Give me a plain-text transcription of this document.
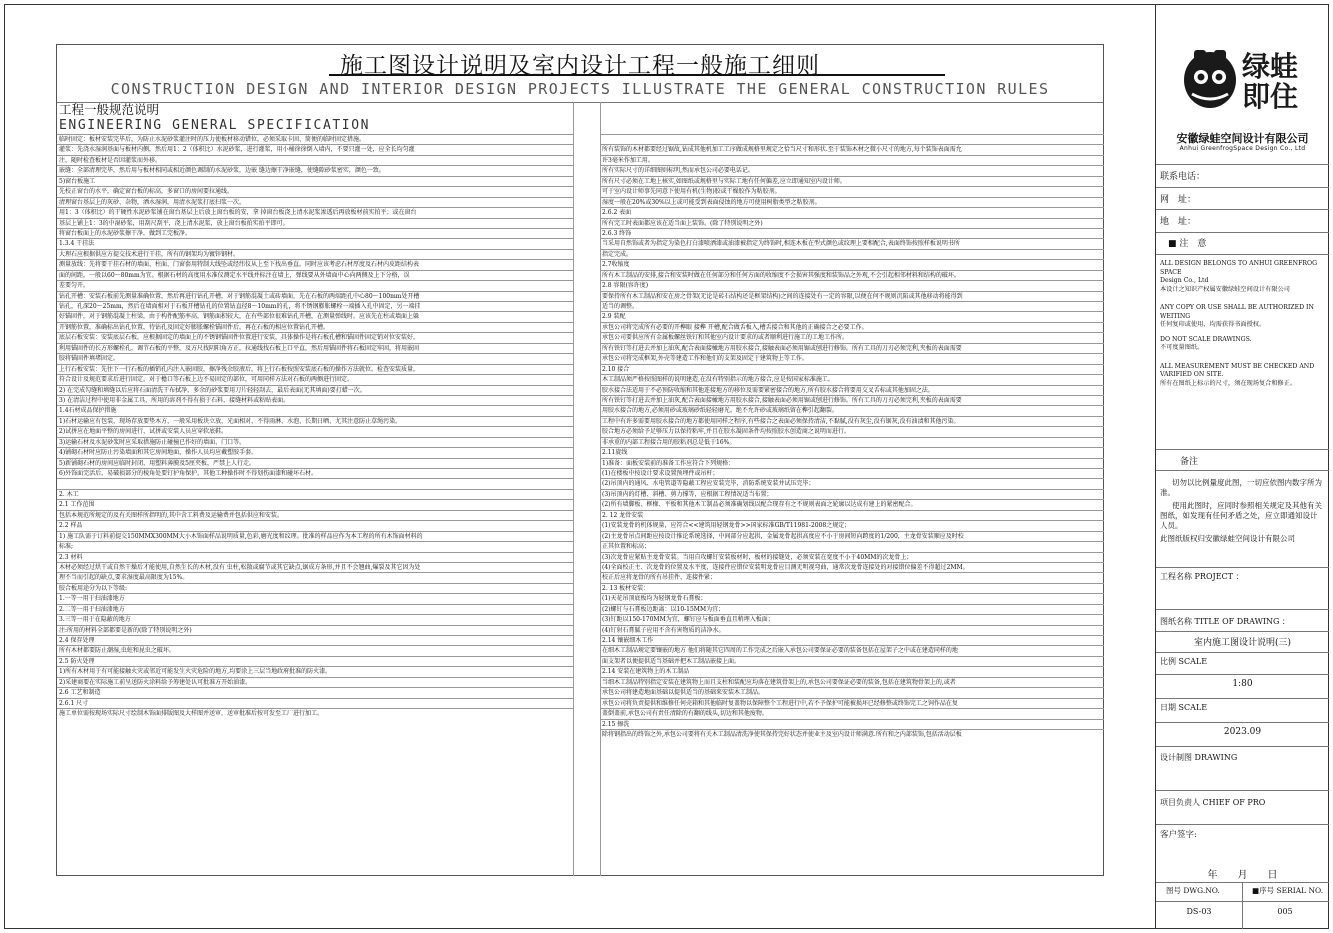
施工图设计说明及室内设计工程一般施工细则
CONSTRUCTION DESIGN AND INTERIOR DESIGN PROJECTS ILLUSTRATE THE GENERAL CONSTRUCTION RULES
工程一般规范说明
ENGINEERING GENERAL SPECIFICATION
临时固定：板材安装完毕后，为防止水泥砂浆灌注时的压力使板材移动错位，必须采取卡固、简便的临时固定措施。
灌浆：先浇水湿润基面与板材内侧，然后用1：2（体积比）水泥砂浆，进行灌浆，用小桶徐徐倒入墙内，不要只灌一处，应全长均匀灌
注，随时检查板材是否因灌浆而外移。
嵌缝：全部清理完毕，然后用与板材相同或相近颜色调制的水泥砂浆，边嵌 缝边擦干净嵌缝，使缝隙砂浆密实，颜色一致。
5)窗台板施工
先校正窗台的水平，确定窗台板的标高，多窗口的房间要拉通线。
清理窗台基层上的灰砂、杂物，洒水湿润，用清水泥浆打底扫浆一次。
用1：3（体积比）的干硬性水泥砂浆铺在窗台基层上后放上窗台板的安，拿 掉窗台板浇上清水泥浆渗透后再放板材前实拍平；或在窗台
基层上铺上1：3的中湿砂浆，用刮尺刮平，浇上清水泥浆，放上窗台板拍实拍平即可。
将窗台板面上的水泥砂浆擦干净，做到工完板净。
1.3.4 干挂法
大理石应根据供应方提交技术进行干挂，所有的钢架均为镀锌钢材。
测量放线：先将要干挂石材的墙面、柱面、门窗套用特制大线坠或经纬仪从上至下找出垂直。同时应该考虑石材厚度及石材内皮距结构表
面的间距，一般以60～80mm为宜。根据石材的高度用水准仪测定水平线并标注在墙上，弹线要从外墙面中心向两侧及上下分格，误
差要匀开。
钻孔开槽：安装石板前先测量准确位置，然后再进行钻孔开槽，对于钢筋混凝土或砖墙面，先在石板的两端距孔中心80～100mm处开槽
钻孔，孔深20～25mm，然后在墙面相对于石板开槽钻孔的位置钻直径8～10mm的孔，将不锈钢膨胀螺栓一端插入孔中固定，另一端挂
好锚固件，对于钢筋混凝土柱梁，由于构件配筋率高，钢筋面积较大，在有些部位很难钻孔开槽，在测量弹线时，应该先在柱或墙面上躲
开钢筋位置，准确标出钻孔位置，待钻孔及固定好膨胀螺栓锚固件后，再在石板的相应位置钻孔开槽。
底层石板安装：安装底层石板，应根据固定的墙面上的不锈钢锚固件位置进行安装，具体操作是将石板孔槽和锚固件固定销对位安装好，
利用锚固件的长方形螺栓孔，调节石板的平整，及方尺找阴阳角方正，拉通线找石板上口平直，然后用锚固件将石板固定牢固，将用嵌固
胶将锚固件填堵固定。
上行石板安装：先往下一行石板的插销孔内注入嵌固胶，擦净残余胶液后，将上行石板按照安装底石板的操作方法就位。检查安装质量，
符合设计及规范要求后进行固定。对于檐口等石板上边不易固定的部位，可用同样方法对石板的两侧进行固定。
2) 在完成勾缝和填缝以后应将石面清洗干布拭净，多余的砂浆要用刀片轻轻刮去，最后表面(无其填面)要打蜡一次。
3) 在清洁过程中使用非金属工具，所用的溶剂不得有损于石料，接缝材料或粘贴表面。
1.4石材成品保护措施
1)石材运输应有包装，现场存放要垫木方，一般采用板块立放，光面相对，不得雨淋、水泡、长期日晒、尤其注意防止草绳污染。
2)试拼应在地面平整的房间进行，试拼或安装人员应穿软底鞋。
3)运输石材及水泥砂浆时应采取措施防止碰撞已作好的墙面、门口等。
4)铺砌石材时应防止污染墙面和其它房间地面，操作人员均应戴塑胶手套。
5)新铺砌石材的房间应临时封闭，用塑料薄膜及5厘夹板，严禁上人行走。
6)外饰面完活后，易破损部分的棱角处要钉护角保护，其他工种操作时不得划伤面漆和碰坏石材。
2. 木工
2.1 工作范围
包括本规范所规定的及有关图样所指明的,其中含工料费及运输费并包括供应和安装。
2.2 样品
1) 施工队需于订料前提交150MMX300MM大小木饰面样品说明质量,色彩,磨光度和纹理。批准的样品应作为本工程的所有木饰面材料的
标准;
2.3 材料
木材必须经过烘干或自然干燥后才能使用,自然生长的木材,没有 虫柱,松散或腐节或其它缺点,锯成方条形,并且不会翘曲,爆裂及其它因为处
理不当而引起的缺点,要求湿度最高限度为15%。
胶合板用途分为以下等级:
1.一等一用于扫油漆地方
2.二等一用于扫油漆地方
3.三等一用于在隐蔽的地方
注:所用的材料全部都要是新的(除了特别说明之外)
2.4 保存处理
所有木材都要防止潮湿,虫蛀和昆虫之破坏。
2.5 防火处理
1)所有木材用于有可能接触火灾或邻近可能发生火灾危险的地方,均要涂上三层当地政府批准的防火漆。
2)采建商要在实际施工前呈送防火涂料给予筹建处认可批准方开始油漆。
2.6 工艺和制造
2.6.1 尺寸
施工单位需按现场实际尺寸绘制木饰面排版图及大样图并送审，送审批准后按可发至工厂进行加工。
所有装饰的木材都要经过锯故,钻成其他机加工工序做成规格里规定之恰当尺寸和形状.至于装饰木材之微小尺寸的地方,每个装饰表面需允
许3毫米作加工用。
所有实际尺寸的详细图则标明,然而承包公司必要电话记。
所有尺寸必须在工地上核实,如图纸或规格里与实际工地有任何偏差,应立即通知室内设计师。
可于室内设计师事先同意下使用有机(生物)胶或干燥胶作为粘胶剂。
湿度一般在20%或30%以上或可能受到表面侵蚀的地方可使用树脂类型之粘胶剂。
2.6.2 表面
所有完工时表面都应该在适当面上装饰。(除了特别说明之外)
2.6.3 终饰
当采用自然饰或者为指定为染色打白漆喷洒漆或油漆被指定为终饰时,相连木板在型式颜色或纹理上要相配合,表面终饰按照样板说明书所
指定完成。
2.7收缩度
所有木工制品的安排,接合和安装时做在任何部分和任何方面的收缩度不会损害其强度和装饰品之外观,不会引起相邻材料和结构的破坏。
2.8 容限(容许度)
要保持所有木工制品和安在房之骨架(无论是砖石结构还是框架结构)之间的连接处有一定的容限,以便在何不规则沉陷或其他移动将能得到
适当的调整。
2.9 装配
承包公司将完成所有必要的开榫眼 接榫 开槽,配合做舌板入,槽舌接合和其他的正确接合之必要工作。
承包公司要供应所有金属板螺丝铁钉和其他室内设计要求的或者顺利进行施工的工地工作所。
所有铁钉等打进去并加上油灰,配合表面接橄地方用胶水接合,接触表面必须用锯或刨进行修饰。所有工具的刀刃必须完利,夹板的表面需要
承包公司将完成框架,外壳等建造工作和他们的支架及固定于建筑物上等工作。
2.10 接合
木工制品须严格按照图样的说明建造,在没有特别指示的地方接合,应是按国家标准施工。
胶水接合法适用于不必预防收缩和其他连接地方的移位及需要紧密接合的地方,所有胶水接合将要用交叉舌标或其他加固之法。
所有铁钉等打进去并加上油灰,配合表面接橄地方用胶水接合,接触表面必须用锯或刨进行修饰。所有工具的刀刃必须完利,夹板的表面需要
用胶水接合的地方,必须用砂或玻璃砂纸轻轻磨光。绝不允许砂或玻璃纸留在榫引起翻裂。
工程中有许多需要用胶水接合的地方都使用同样之程序,有些接合之表面必须保持清洁,不黏腻,没有灰尘,没有锯灰,没有油渍和其他污染。
胶合地方必须给予足够压力以保持粘牢,并且在胶水凝固条件均按照胶水创造商之说明而进行。
非承重的内部工程接合用的胶粘剂总是低于16%。
2.11旋线
1)准备：面板安装前的准备工作应符合下列规格：
(1)在楼板中按设计要求设置预埋件或吊杆；
(2)吊顶内的通风、水电管道等隐蔽工程应安装完毕，消防系统安装并试压完毕；
(3)吊顶内的灯槽、斜槽、剪力撑等，应根据工程情况适当布置；
(2)所有墙脚板、框椽、平板和其他木工制品必须准确划线以配合现存有之不规则表面之轮廓以达成有建上的紧密配合。
2. 12 龙骨安装
(1)安装龙骨的机体规量，应符合<<建筑用轻钢龙骨>>国家标准GB/T11981-2008之规定；
(2)主龙骨吊点间距应按设计推论系统选择，中间部分应起拱，金属龙骨起拱高度应不小于房间短向跨度的1/200，主龙骨安装顺应及时校
正其位置和标高；
(3)次龙骨应紧贴主龙骨安装。当用自攻螺钉安装板材时，板材的接缝处，必须安装在宽度不小于40MM的次龙骨上；
(4)全面校正主、次龙骨的位置及水平度，连接件应错位安装明龙骨应目测无明视弯曲，通常次龙骨连接处的对接错位偏差不得超过2MM。
校正后应将龙骨的所有吊挂件、连接件紧；
2. 13 板材安装：
(1)天花吊顶底板均为轻钢龙骨石膏板；
(2)螺钉与石膏板边距离：以10-15MM为宜；
(3)钉距以150-170MM为宜，螺钉应与板面垂直且稍埋入板面；
(4)钉射石膏腻子应用不含有害物质的洁净水。
2.14 镶嵌细木工作
在细木工制品规定要镶嵌的地方 他们将随其它四周的工作完成之后嵌入承包公司要保证必要的装备包括在屋架子之中或在建造同样的地
面支架者以便提供适当基础并把木工制品嵌接上面。
2.14 安装在建筑物上的木工制品
当细木工制品特别指定安装在建筑物上而且支柱和装配应均落在建筑骨架上的,承包公司要保证必要的装备,包括在建筑物骨架上的,或者
承包公司将建造地面基础以提供适当的基础来安装木工制品。
承包公司将负责提供和维修任何壳箱和其他临时复盖物以保障整个工程进行中,若不予保护可能被损坏已经修整或终饰完工之饲作品在复
盖倒盖前,承包公司有责任清除的有翻的线头,切边和其他废物。
2.15 擦洗
除将钢指出的终饰之外,承包公司要将有关木工制品清洗净使其保持完好状态并使业主及室内设计师满意.所有和之内部装饰,包括活动层板
绿蛙
即住
安徽绿蛙空间设计有限公司
Anhui GreenfrogSpace Design Co., Ltd
联系电话：
网　址：
地　址：
■ 注　意
ALL DESIGN BELONGS TO ANHUI GREENFROG SPACE
Design Co., Ltd
本设计之知识产权属安徽绿蛙空间设计有限公司
ANY COPY OR USE SHALL BE AUTHORIZED IN WEITING
任何复印或使用，均需获得书面授权。
DO NOT SCALE DRAWINGS.
不可度量图纸。
ALL MEASUREMENT MUST BE CHECKED AND
VARIFIED ON SITE.
所有在图纸上标示的尺寸，须在现场复合和修正。
备注
切勿以比例量度此图，一切应依图内数字所为准。
使用此图时，应同时参照相关规定及其他有关图纸，如发现有任何矛盾之处，应立即通知设计人员。
此图纸版权归安徽绿蛙空间设计有限公司
工程名称 PROJECT ：
图纸名称 TITLE OF DRAWING ：
室内施工图设计说明(三)
比例 SCALE
1:80
日期 SCALE
2023.09
设计制图 DRAWING
项目负责人 CHIEF OF PRO
客户签字:
年　　月　　日
图号 DWG.NO.	■序号 SERIAL NO.
DS-03	005
